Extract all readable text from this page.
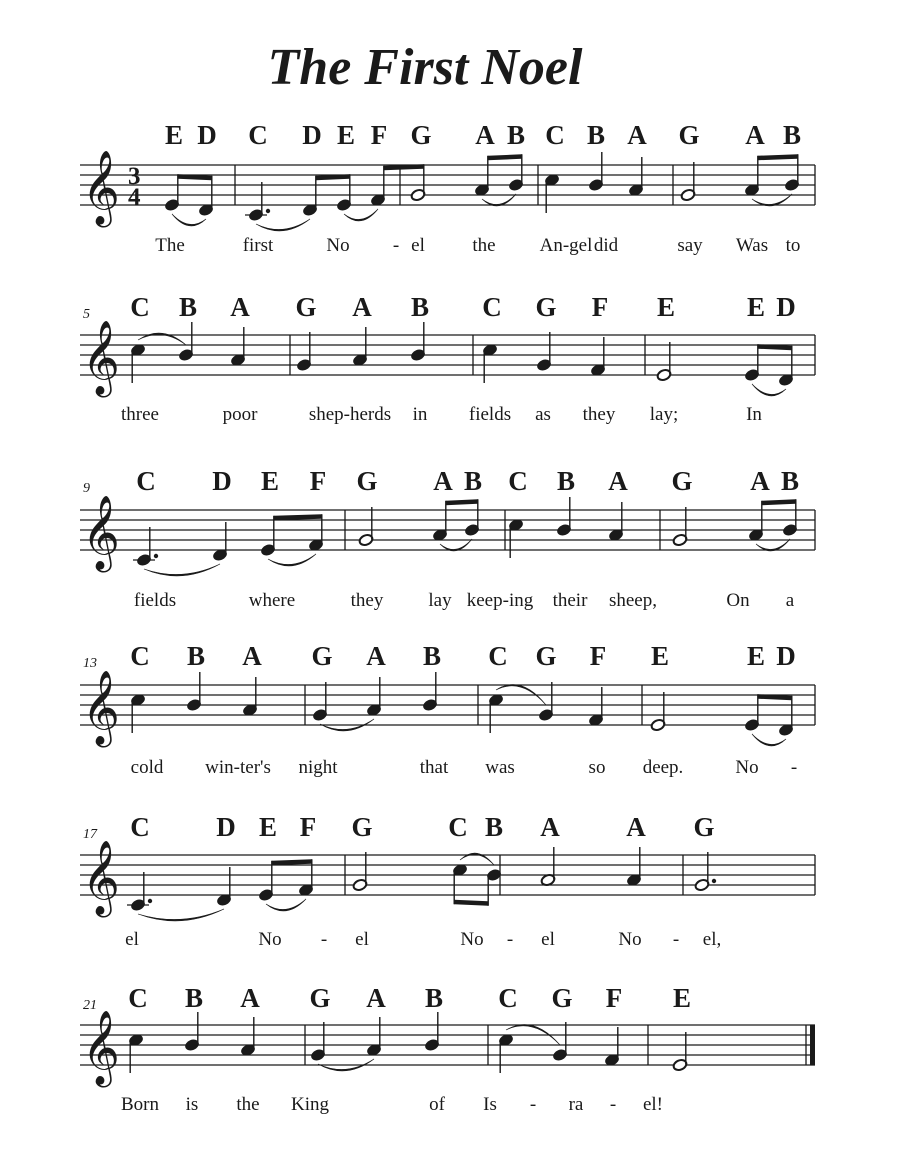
The First Noel
𝄞 3
4
E D C D E F G A B C B A G A B
The	first	No - el	the An-gel did	say Was to
𝄞
5 C B A G A B C G F E	E D
three	poor	shep-herds in fields as they lay;	In
𝄞
9 C D E F G A B C B A G A B
fields	where	they lay keep-ing their sheep,	On a
𝄞
13 C B A G A B C G F E	E D
cold win-ter's night	that was	so deep.	No -
𝄞
17 C D E F G	C B A A G
el	No - el	No - el	No - el,
𝄞
21 C B A G A B C G F E
Born is the King	of Is - ra - el!
